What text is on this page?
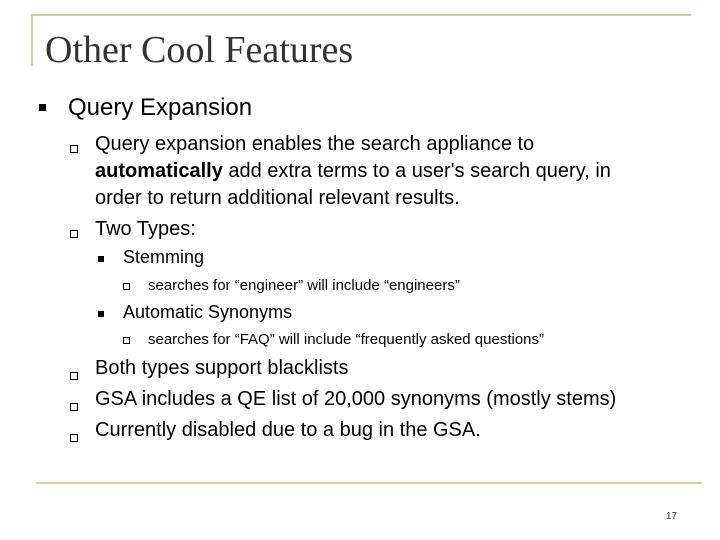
Other Cool Features
Query Expansion
Query expansion enables the search appliance to
automatically add extra terms to a user's search query, in
order to return additional relevant results.
Two Types:
Stemming
searches for “engineer” will include “engineers”
Automatic Synonyms
searches for “FAQ” will include “frequently asked questions”
Both types support blacklists
GSA includes a QE list of 20,000 synonyms (mostly stems)
Currently disabled due to a bug in the GSA.
17
